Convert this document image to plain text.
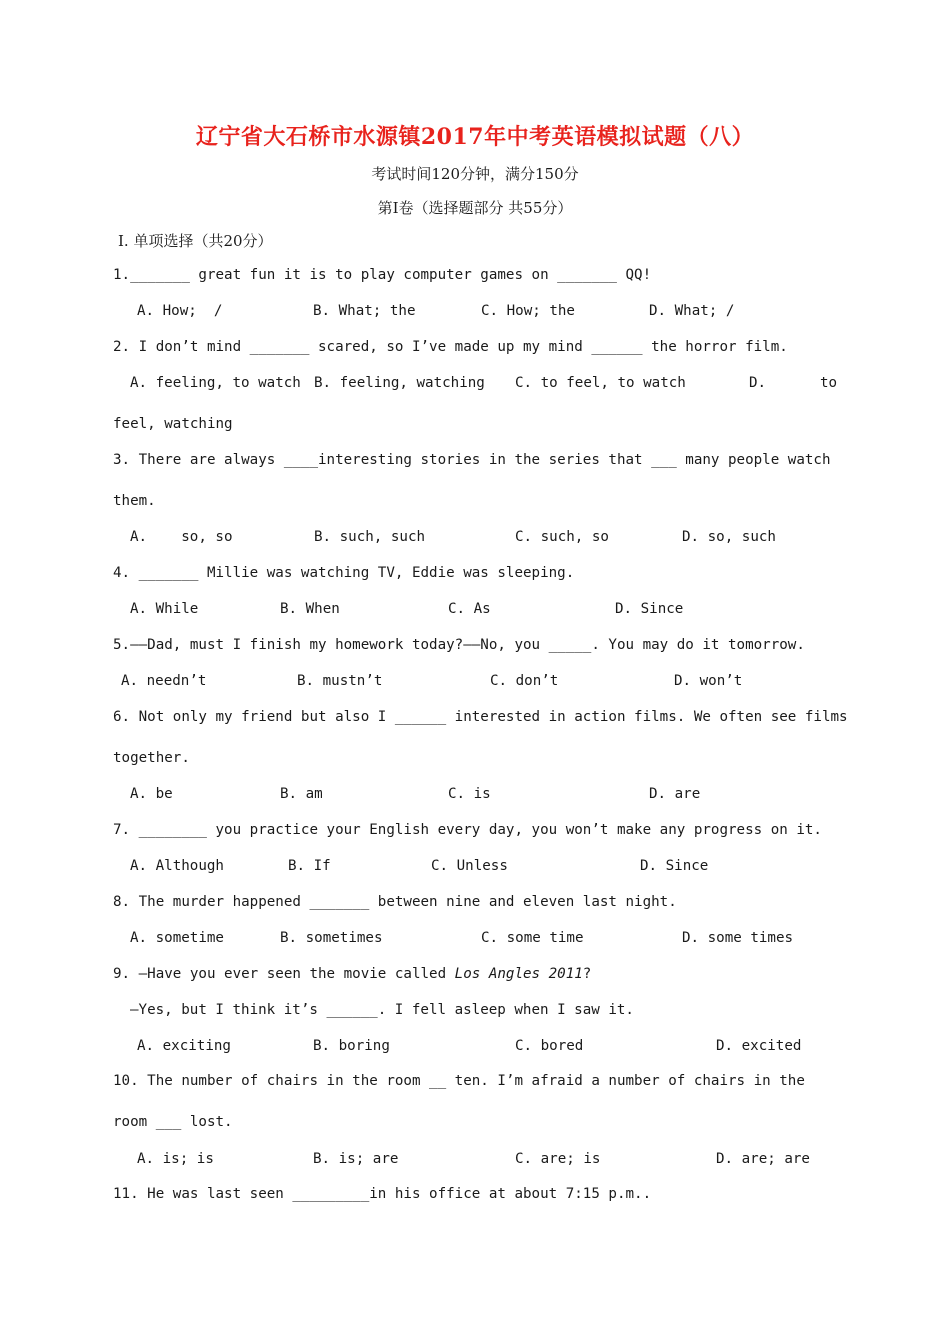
辽宁省大石桥市水源镇2017年中考英语模拟试题（八）
考试时间120分钟，满分150分
第Ⅰ卷（选择题部分 共55分）
Ⅰ. 单项选择（共20分）
1._______ great fun it is to play computer games on _______ QQ!
A. How;  /	B. What; the	C. How; the	D. What; /
2. I don’t mind _______ scared, so I’ve made up my mind ______ the horror film.
A. feeling, to watch B. feeling, watching C. to feel, to watch	D.	to
feel, watching
3. There are always ____interesting stories in the series that ___ many people watch
them.
A.    so, so	B. such, such	C. such, so	D. so, such
4. _______ Millie was watching TV, Eddie was sleeping.
A. While	B. When	C. As	D. Since
5.——Dad, must I finish my homework today?——No, you _____. You may do it tomorrow.
A. needn’t	B. mustn’t	C. don’t	D. won’t
6. Not only my friend but also I ______ interested in action films. We often see films
together.
A. be	B. am	C. is	D. are
7. ________ you practice your English every day, you won’t make any progress on it.
A. Although	B. If	C. Unless	D. Since
8. The murder happened _______ between nine and eleven last night.
A. sometime	B. sometimes	C. some time	D. some times
9. —Have you ever seen the movie called Los Angles 2011?
—Yes, but I think it’s ______. I fell asleep when I saw it.
A. exciting	B. boring	C. bored	D. excited
10. The number of chairs in the room __ ten. I’m afraid a number of chairs in the
room ___ lost.
A. is; is	B. is; are	C. are; is	D. are; are
11. He was last seen _________in his office at about 7:15 p.m..
